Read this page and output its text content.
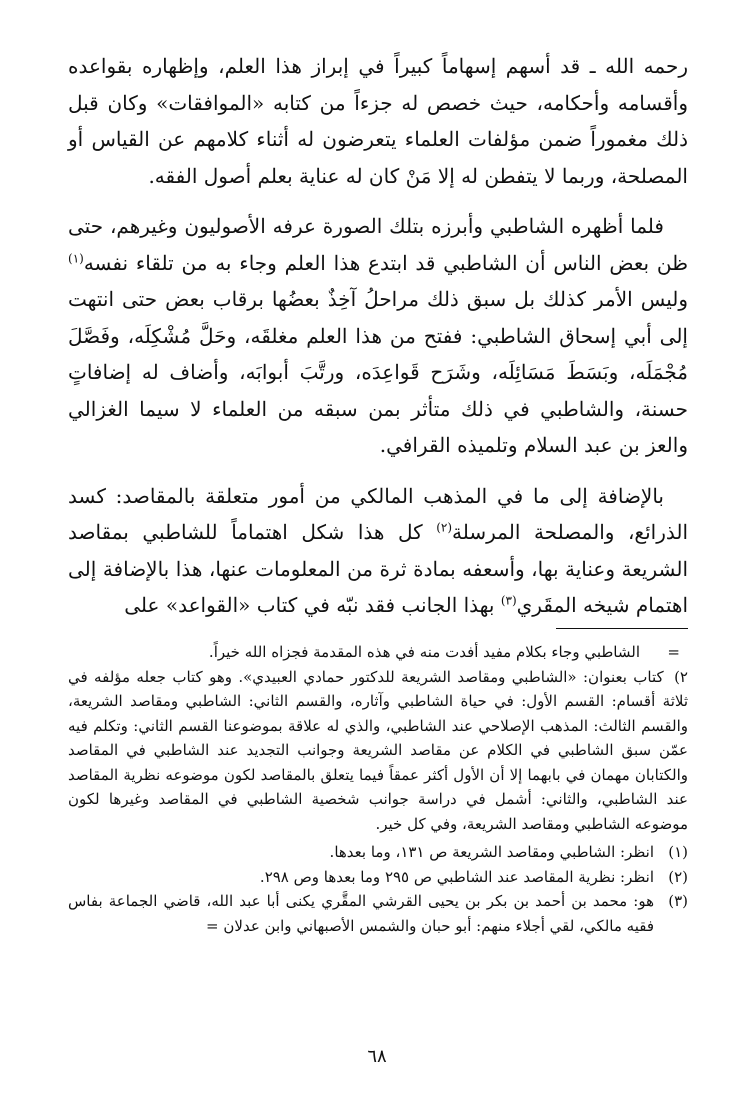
رحمه الله ـ قد أسهم إسهاماً كبيراً في إبراز هذا العلم، وإظهاره بقواعده وأقسامه وأحكامه، حيث خصص له جزءاً من كتابه «الموافقات» وكان قبل ذلك مغموراً ضمن مؤلفات العلماء يتعرضون له أثناء كلامهم عن القياس أو المصلحة، وربما لا يتفطن له إلا مَنْ كان له عناية بعلم أصول الفقه.

فلما أظهره الشاطبي وأبرزه بتلك الصورة عرفه الأصوليون وغيرهم، حتى ظن بعض الناس أن الشاطبي قد ابتدع هذا العلم وجاء به من تلقاء نفسه$^{(١)}$ وليس الأمر كذلك بل سبق ذلك مراحلُ آخِذٌ بعضُها برقاب بعض حتى انتهت إلى أبي إسحاق الشاطبي: ففتح من هذا العلم مغلقَه، وحَلَّ مُشْكِلَه، وفَصَّلَ مُجْمَلَه، وبَسَطَ مَسَائِلَه، وشَرَح قَواعِدَه، ورتَّبَ أبوابَه، وأضاف له إضافاتٍ حسنة، والشاطبي في ذلك متأثر بمن سبقه من العلماء لا سيما الغزالي والعز بن عبد السلام وتلميذه القرافي.

بالإضافة إلى ما في المذهب المالكي من أمور متعلقة بالمقاصد: كسد الذرائع، والمصلحة المرسلة$^{(٢)}$ كل هذا شكل اهتماماً للشاطبي بمقاصد الشريعة وعناية بها، وأسعفه بمادة ثرة من المعلومات عنها، هذا بالإضافة إلى اهتمام شيخه المقَري$^{(٣)}$ بهذا الجانب فقد نبّه في كتاب «القواعد» على

=
الشاطبي وجاء بكلام مفيد أفدت منه في هذه المقدمة فجزاه الله خيراً.

٢) كتاب بعنوان: «الشاطبي ومقاصد الشريعة للدكتور حمادي العبيدي». وهو كتاب جعله مؤلفه في ثلاثة أقسام: القسم الأول: في حياة الشاطبي وآثاره، والقسم الثاني: الشاطبي ومقاصد الشريعة، والقسم الثالث: المذهب الإصلاحي عند الشاطبي، والذي له علاقة بموضوعنا القسم الثاني: وتكلم فيه عمّن سبق الشاطبي في الكلام عن مقاصد الشريعة وجوانب التجديد عند الشاطبي في المقاصد والكتابان مهمان في بابهما إلا أن الأول أكثر عمقاً فيما يتعلق بالمقاصد لكون موضوعه نظرية المقاصد عند الشاطبي، والثاني: أشمل في دراسة جوانب شخصية الشاطبي في المقاصد وغيرها لكون موضوعه الشاطبي ومقاصد الشريعة، وفي كل خير.

(١)
انظر: الشاطبي ومقاصد الشريعة ص ١٣١، وما بعدها.
(٢)
انظر: نظرية المقاصد عند الشاطبي ص ٢٩٥ وما بعدها وص ٢٩٨.
(٣)
هو: محمد بن أحمد بن بكر بن يحيى القرشي المقَّري يكنى أبا عبد الله، قاضي الجماعة بفاس فقيه مالكي، لقي أجلاء منهم: أبو حبان والشمس الأصبهاني وابن عدلان =
٦٨
